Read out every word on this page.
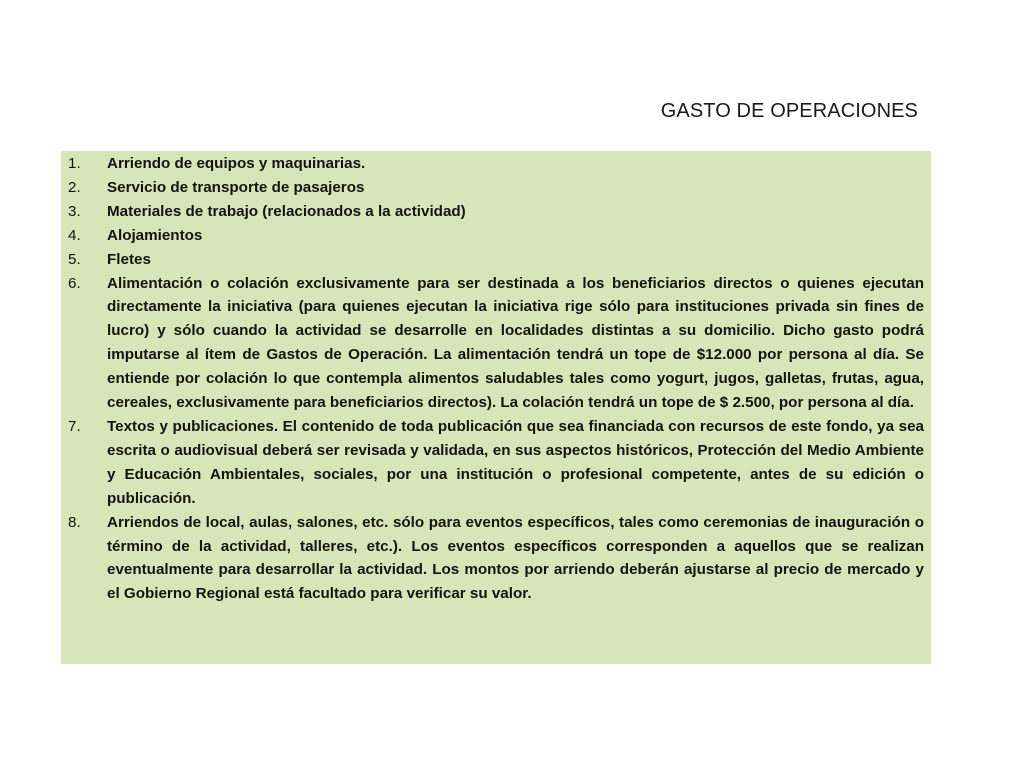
GASTO DE OPERACIONES
1.	Arriendo de equipos y maquinarias.
2.	Servicio de transporte de pasajeros
3.	Materiales de trabajo (relacionados a la actividad)
4.	Alojamientos
5.	Fletes
6.	Alimentación o colación exclusivamente para ser destinada a los beneficiarios directos o quienes ejecutan directamente la iniciativa (para quienes ejecutan la iniciativa rige sólo para instituciones privada sin fines de lucro) y sólo cuando la actividad se desarrolle en localidades distintas a su domicilio. Dicho gasto podrá imputarse al ítem de Gastos de Operación. La alimentación tendrá un tope de $12.000 por persona al día. Se entiende por colación lo que contempla alimentos saludables tales como yogurt, jugos, galletas, frutas, agua, cereales, exclusivamente para beneficiarios directos). La colación tendrá un tope de $ 2.500, por persona al día.
7.	Textos y publicaciones. El contenido de toda publicación que sea financiada con recursos de este fondo, ya sea escrita o audiovisual deberá ser revisada y validada, en sus aspectos históricos, Protección del Medio Ambiente y Educación Ambientales, sociales, por una institución o profesional competente, antes de su edición o publicación.
8.	Arriendos de local, aulas, salones, etc. sólo para eventos específicos, tales como ceremonias de inauguración o término de la actividad, talleres, etc.). Los eventos específicos corresponden a aquellos que se realizan eventualmente para desarrollar la actividad. Los montos por arriendo deberán ajustarse al precio de mercado y el Gobierno Regional está facultado para verificar su valor.
